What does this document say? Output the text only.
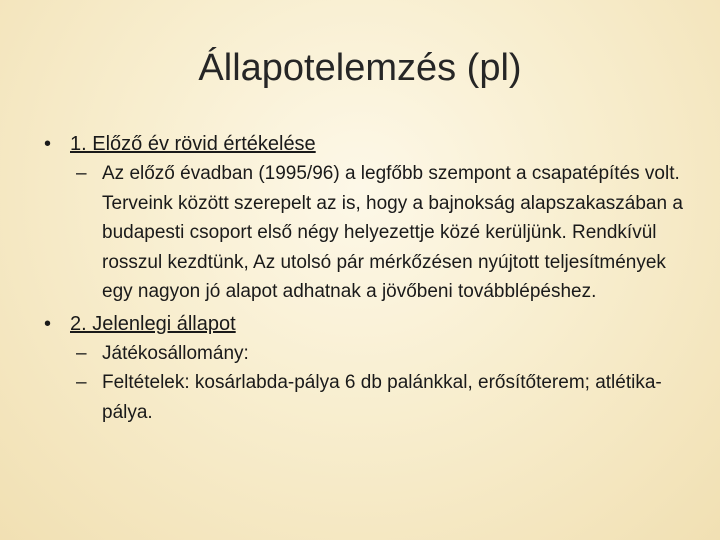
Állapotelemzés (pl)
• 1. Előző év rövid értékelése
– Az előző évadban (1995/96) a legfőbb szempont a csapatépítés volt. Terveink között szerepelt az is, hogy a bajnokság alapszakaszában a budapesti csoport első négy helyezettje közé kerüljünk. Rendkívül rosszul kezdtünk, Az utolsó pár mérkőzésen nyújtott teljesítmények egy nagyon jó alapot adhatnak a jövőbeni továbblépéshez.
• 2. Jelenlegi állapot
– Játékosállomány:
– Feltételek: kosárlabda-pálya 6 db palánkkal, erősítőterem; atlétika-pálya.
